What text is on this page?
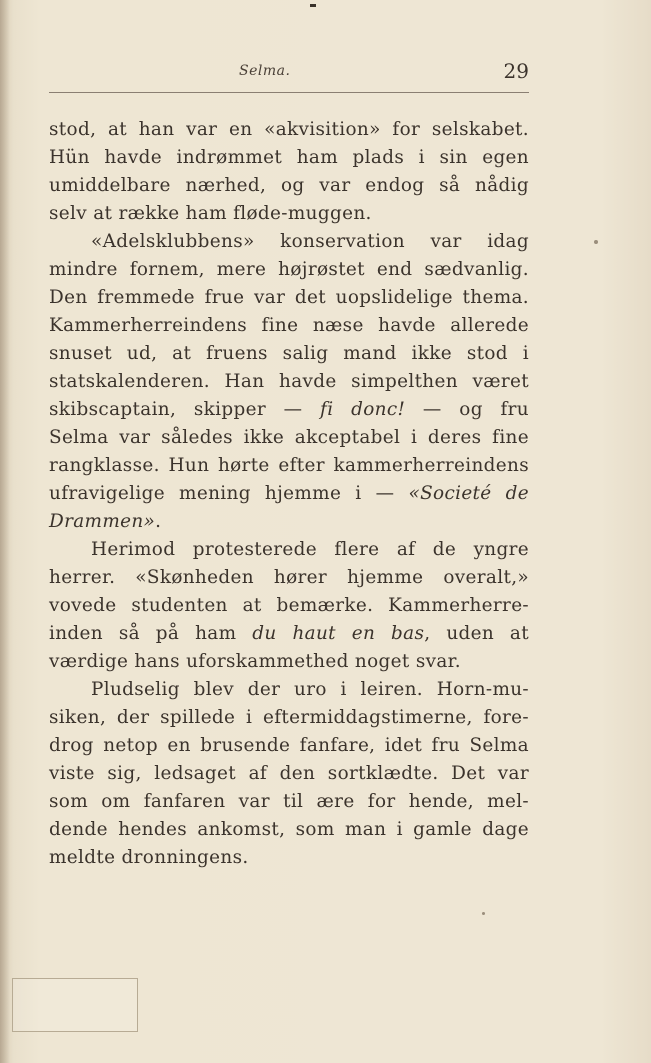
Selma.	29
stod, at han var en «akvisition» for selskabet.
Hün havde indrømmet ham plads i sin egen
umiddelbare nærhed, og var endog så nådig
selv at række ham fløde-muggen.
«Adelsklubbens» konservation var idag
mindre fornem, mere højrøstet end sædvanlig.
Den fremmede frue var det uopslidelige thema.
Kammerherreindens fine næse havde allerede
snuset ud, at fruens salig mand ikke stod i
statskalenderen. Han havde simpelthen været
skibscaptain, skipper — fi donc! — og fru
Selma var således ikke akceptabel i deres fine
rangklasse. Hun hørte efter kammerherreindens
ufravigelige mening hjemme i — «Societé de
Drammen».
Herimod protesterede flere af de yngre
herrer. «Skønheden hører hjemme overalt,»
vovede studenten at bemærke. Kammerherre-
inden så på ham du haut en bas, uden at
værdige hans uforskammethed noget svar.
Pludselig blev der uro i leiren. Horn-mu-
siken, der spillede i eftermiddagstimerne, fore-
drog netop en brusende fanfare, idet fru Selma
viste sig, ledsaget af den sortklædte. Det var
som om fanfaren var til ære for hende, mel-
dende hendes ankomst, som man i gamle dage
meldte dronningens.
